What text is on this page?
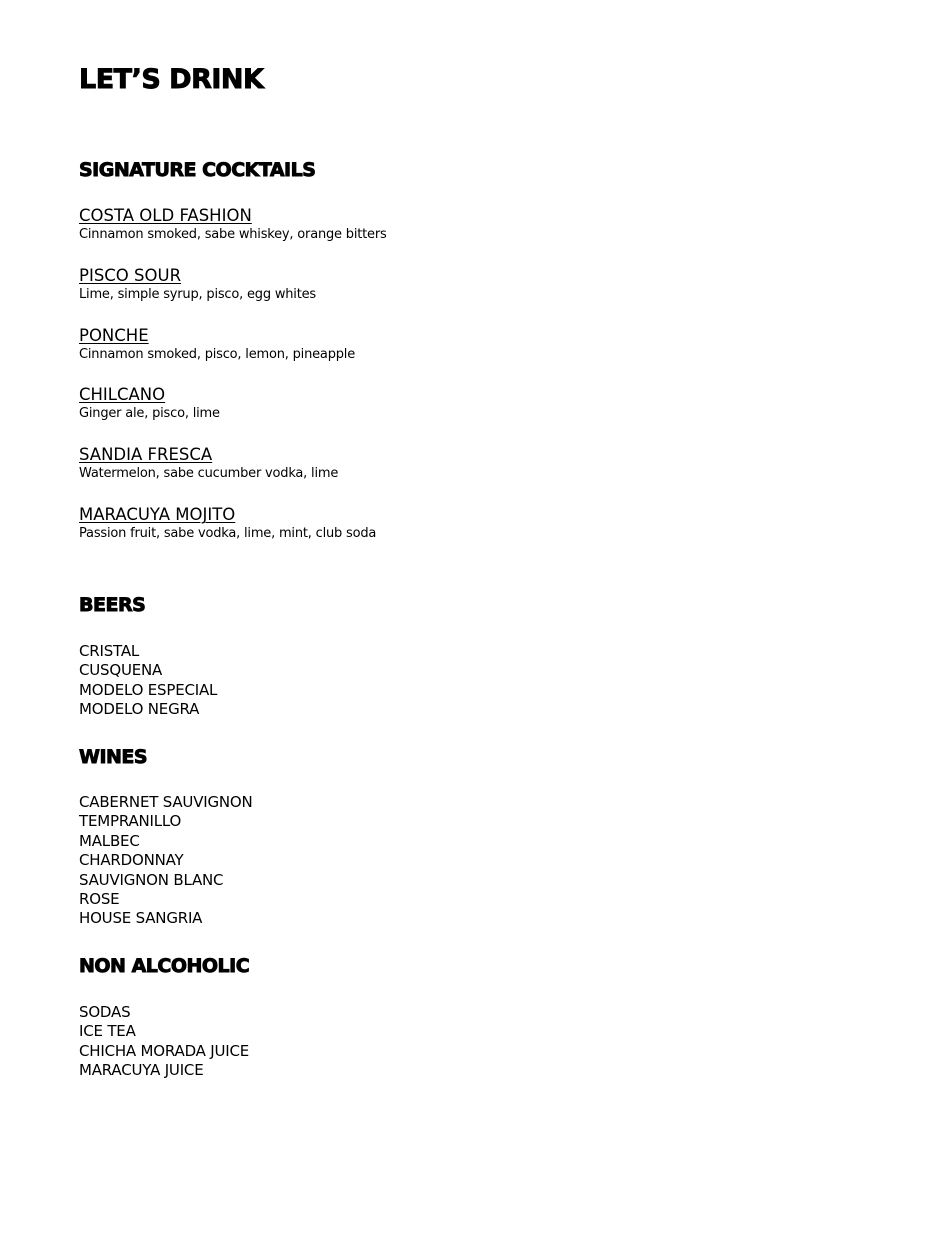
LET’S DRINK
SIGNATURE COCKTAILS
COSTA OLD FASHION
Cinnamon smoked, sabe whiskey, orange bitters
PISCO SOUR
Lime, simple syrup, pisco, egg whites
PONCHE
Cinnamon smoked, pisco, lemon, pineapple
CHILCANO
Ginger ale, pisco, lime
SANDIA FRESCA
Watermelon, sabe cucumber vodka, lime
MARACUYA MOJITO
Passion fruit, sabe vodka, lime, mint, club soda
BEERS
CRISTAL
CUSQUENA
MODELO ESPECIAL
MODELO NEGRA
WINES
CABERNET SAUVIGNON
TEMPRANILLO
MALBEC
CHARDONNAY
SAUVIGNON BLANC
ROSE
HOUSE SANGRIA
NON ALCOHOLIC
SODAS
ICE TEA
CHICHA MORADA JUICE
MARACUYA JUICE
